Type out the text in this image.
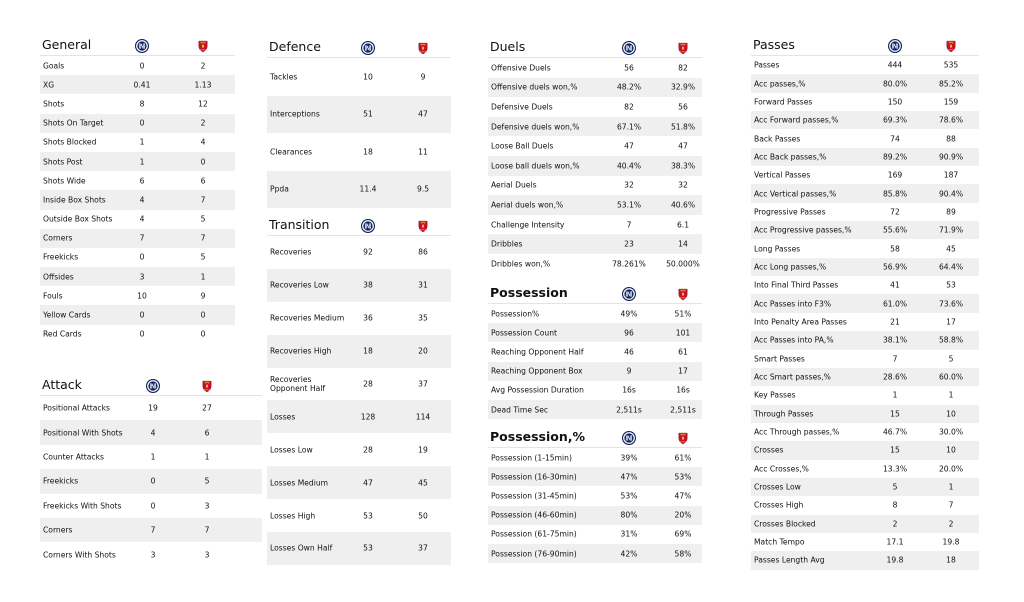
General
Goals	0	2
XG	0.41	1.13
Shots	8	12
Shots On Target	0	2
Shots Blocked	1	4
Shots Post	1	0
Shots Wide	6	6
Inside Box Shots	4	7
Outside Box Shots	4	5
Corners	7	7
Freekicks	0	5
Offsides	3	1
Fouls	10	9
Yellow Cards	0	0
Red Cards	0	0
Attack
Positional Attacks	19	27
Positional With Shots	4	6
Counter Attacks	1	1
Freekicks	0	5
Freekicks With Shots	0	3
Corners	7	7
Corners With Shots	3	3
Defence
Tackles	10	9
Interceptions	51	47
Clearances	18	11
Ppda	11.4	9.5
Transition
Recoveries	92	86
Recoveries Low	38	31
Recoveries Medium 36	35
Recoveries High	18	20
Recoveries Opponent Half	28	37
Losses	128	114
Losses Low	28	19
Losses Medium	47	45
Losses High	53	50
Losses Own Half	53	37
Duels
Offensive Duels	56	82
Offensive duels won,%	48.2%	32.9%
Defensive Duels	82	56
Defensive duels won,%	67.1%	51.8%
Loose Ball Duels	47	47
Loose ball duels won,%	40.4%	38.3%
Aerial Duels	32	32
Aerial duels won,%	53.1%	40.6%
Challenge Intensity	7	6.1
Dribbles	23	14
Dribbles won,%	78.261%	50.000%
Possession
Possession%	49%	51%
Possession Count	96	101
Reaching Opponent Half	46	61
Reaching Opponent Box	9	17
Avg Possession Duration	16s	16s
Dead Time Sec	2,511s	2,511s
Possession,%
Possession (1-15min)	39%	61%
Possession (16-30min)	47%	53%
Possession (31-45min)	53%	47%
Possession (46-60min)	80%	20%
Possession (61-75min)	31%	69%
Possession (76-90min)	42%	58%
Passes
Passes	444	535
Acc passes,%	80.0%	85.2%
Forward Passes	150	159
Acc Forward passes,%	69.3%	78.6%
Back Passes	74	88
Acc Back passes,%	89.2%	90.9%
Vertical Passes	169	187
Acc Vertical passes,%	85.8%	90.4%
Progressive Passes	72	89
Acc Progressive passes,%	55.6%	71.9%
Long Passes	58	45
Acc Long passes,%	56.9%	64.4%
Into Final Third Passes	41	53
Acc Passes into F3%	61.0%	73.6%
Into Penalty Area Passes	21	17
Acc Passes into PA,%	38.1%	58.8%
Smart Passes	7	5
Acc Smart passes,%	28.6%	60.0%
Key Passes	1	1
Through Passes	15	10
Acc Through passes,%	46.7%	30.0%
Crosses	15	10
Acc Crosses,%	13.3%	20.0%
Crosses Low	5	1
Crosses High	8	7
Crosses Blocked	2	2
Match Tempo	17.1	19.8
Passes Length Avg	19.8	18
